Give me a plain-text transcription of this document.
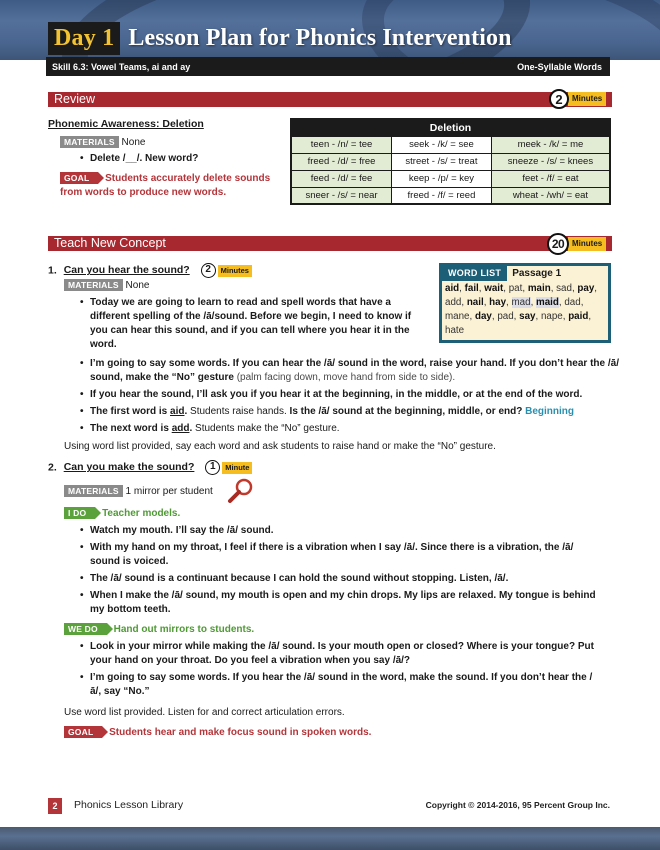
Day 1 Lesson Plan for Phonics Intervention
Skill 6.3: Vowel Teams, ai and ay	One-Syllable Words
Review	2	Minutes
Phonemic Awareness: Deletion
MATERIALS None
• Delete /__/. New word?
GOAL Students accurately delete sounds from words to produce new words.
Deletion		
teen - /n/ = tee	seek - /k/ = see	meek - /k/ = me
freed - /d/ = free	street - /s/ = treat	sneeze - /s/ = knees
feed - /d/ = fee	keep - /p/ = key	feet - /f/ = eat
sneer - /s/ = near	freed - /f/ = reed	wheat - /wh/ = eat
Teach New Concept	20 Minutes
WORD LIST	Passage 1
aid, fail, wait, pat, main, sad, pay, add, nail, hay, mad, maid, dad, mane, day, pad, say, nape, paid, hate
1. Can you hear the sound?	2	Minutes
MATERIALS None
• Today we are going to learn to read and spell words that have a different spelling of the /ā/sound. Before we begin, I need to know if you can hear this sound, and if you can tell where you hear it in the word.
• I’m going to say some words. If you can hear the /ā/ sound in the word, raise your hand. If you don’t hear the /ā/ sound, make the “No” gesture (palm facing down, move hand from side to side).
• If you hear the sound, I’ll ask you if you hear it at the beginning, in the middle, or at the end of the word.
• The first word is aid. Students raise hands. Is the /ā/ sound at the beginning, middle, or end? Beginning
• The next word is add. Students make the “No” gesture.
Using word list provided, say each word and ask students to raise hand or make the “No” gesture.
2. Can you make the sound?	1	Minute
MATERIALS 1 mirror per student
I DO Teacher models.
• Watch my mouth. I’ll say the /ā/ sound.
• With my hand on my throat, I feel if there is a vibration when I say /ā/. Since there is a vibration, the /ā/ sound is voiced.
• The /ā/ sound is a continuant because I can hold the sound without stopping. Listen, /ā/.
• When I make the /ā/ sound, my mouth is open and my chin drops. My lips are relaxed. My tongue is behind my bottom teeth.
WE DO Hand out mirrors to students.
• Look in your mirror while making the /ā/ sound. Is your mouth open or closed? Where is your tongue? Put your hand on your throat. Do you feel a vibration when you say /ā/?
• I’m going to say some words. If you hear the /ā/ sound in the word, make the sound. If you don’t hear the /ā/, say “No.”
Use word list provided. Listen for and correct articulation errors.
GOAL Students hear and make focus sound in spoken words.
2	Phonics Lesson Library	Copyright © 2014-2016, 95 Percent Group Inc.
